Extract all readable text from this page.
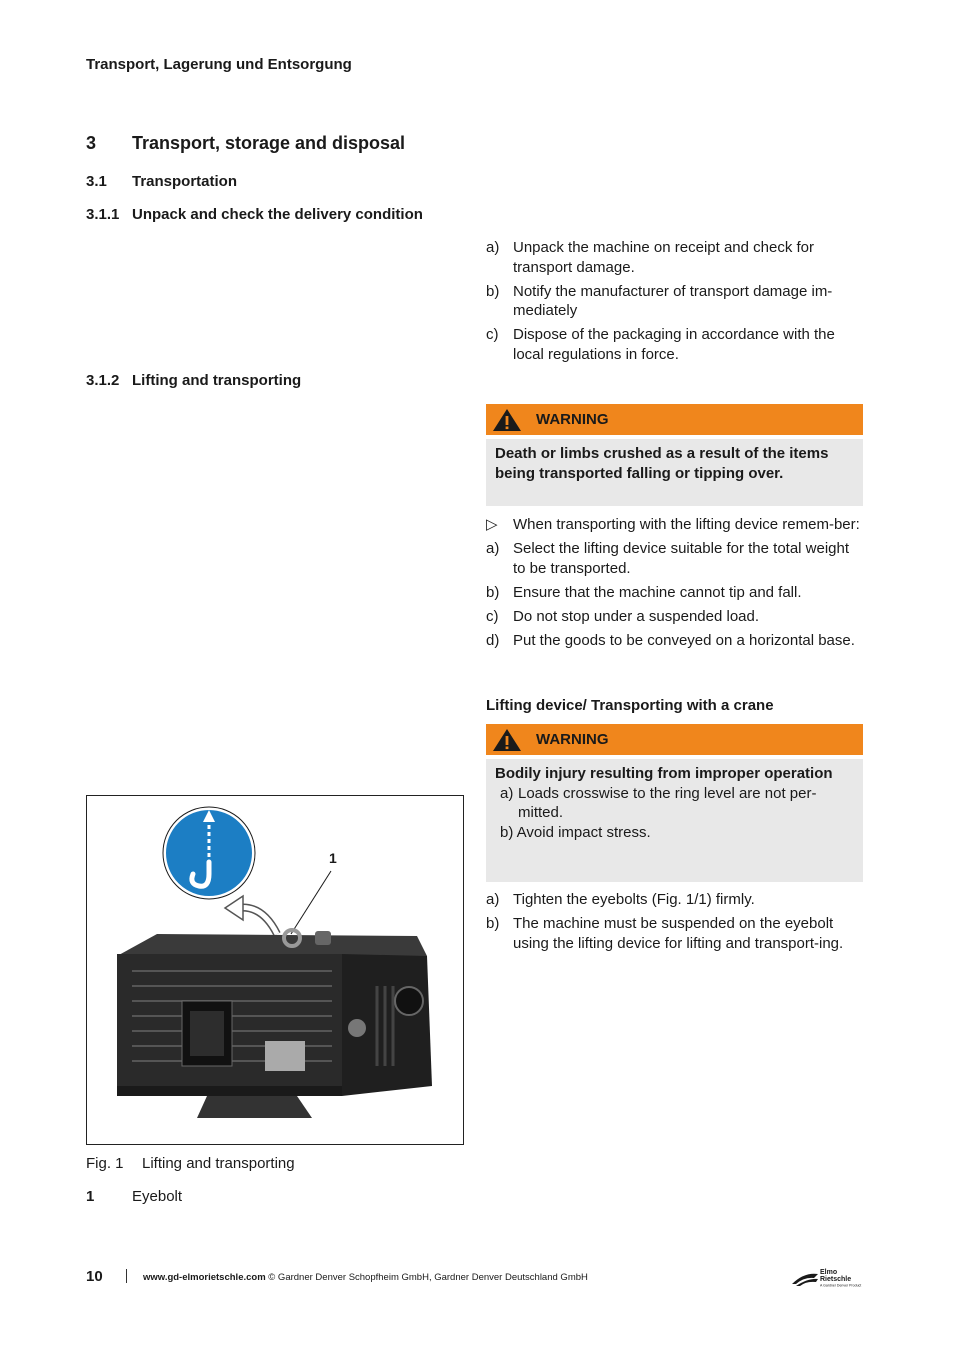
Transport, Lagerung und Entsorgung
3 Transport, storage and disposal
3.1 Transportation
3.1.1 Unpack and check the delivery condition
a) Unpack the machine on receipt and check for transport damage.
b) Notify the manufacturer of transport damage im-mediately
c) Dispose of the packaging in accordance with the local regulations in force.
3.1.2 Lifting and transporting
WARNING
Death or limbs crushed as a result of the items being transported falling or tipping over.
▷	When transporting with the lifting device remem-ber:
a) Select the lifting device suitable for the total weight to be transported.
b) Ensure that the machine cannot tip and fall.
c) Do not stop under a suspended load.
d) Put the goods to be conveyed on a horizontal base.
Lifting device/ Transporting with a crane
WARNING
Bodily injury resulting from improper operation
a) Loads crosswise to the ring level are not per-mitted.
b) Avoid impact stress.
a) Tighten the eyebolts (Fig. 1/1) firmly.
b) The machine must be suspended on the eyebolt using the lifting device for lifting and transport-ing.
1
Fig. 1 Lifting and transporting
1	Eyebolt
10	www.gd-elmorietschle.com © Gardner Denver Schopfheim GmbH, Gardner Denver Deutschland GmbH	Elmo
Rietschle
A Gardner Denver Product
